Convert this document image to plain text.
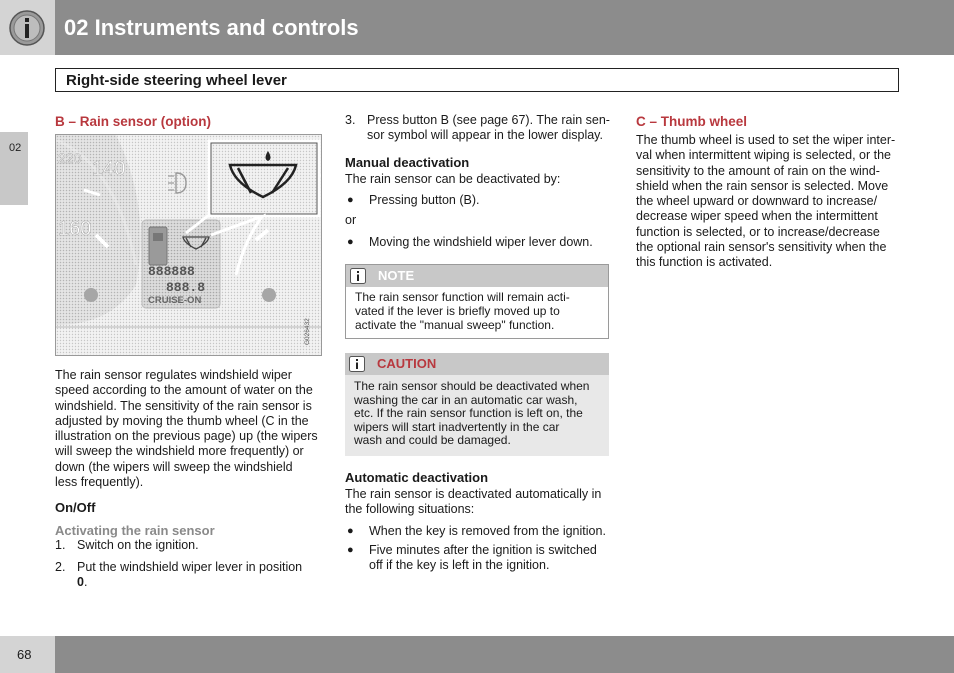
02 Instruments and controls
Right-side steering wheel lever
02
B – Rain sensor (option)
888888
888.8
CRUISE-ON
220 140
160
G026432
The rain sensor regulates windshield wiper
speed according to the amount of water on the
windshield. The sensitivity of the rain sensor is
adjusted by moving the thumb wheel (C in the
illustration on the previous page) up (the wipers
will sweep the windshield more frequently) or
down (the wipers will sweep the windshield
less frequently).
On/Off
Activating the rain sensor
1. Switch on the ignition.
2. Put the windshield wiper lever in position
0.
3. Press button B (see page 67). The rain sen-
sor symbol will appear in the lower display.
Manual deactivation
The rain sensor can be deactivated by:
●	Pressing button (B).
or
●	Moving the windshield wiper lever down.
NOTE
The rain sensor function will remain acti-
vated if the lever is briefly moved up to
activate the "manual sweep" function.
CAUTION
The rain sensor should be deactivated when
washing the car in an automatic car wash,
etc. If the rain sensor function is left on, the
wipers will start inadvertently in the car
wash and could be damaged.
Automatic deactivation
The rain sensor is deactivated automatically in
the following situations:
●	When the key is removed from the ignition.
●	Five minutes after the ignition is switched
off if the key is left in the ignition.
C – Thumb wheel
The thumb wheel is used to set the wiper inter-
val when intermittent wiping is selected, or the
sensitivity to the amount of rain on the wind-
shield when the rain sensor is selected. Move
the wheel upward or downward to increase/
decrease wiper speed when the intermittent
function is selected, or to increase/decrease
the optional rain sensor's sensitivity when the
this function is activated.
68
